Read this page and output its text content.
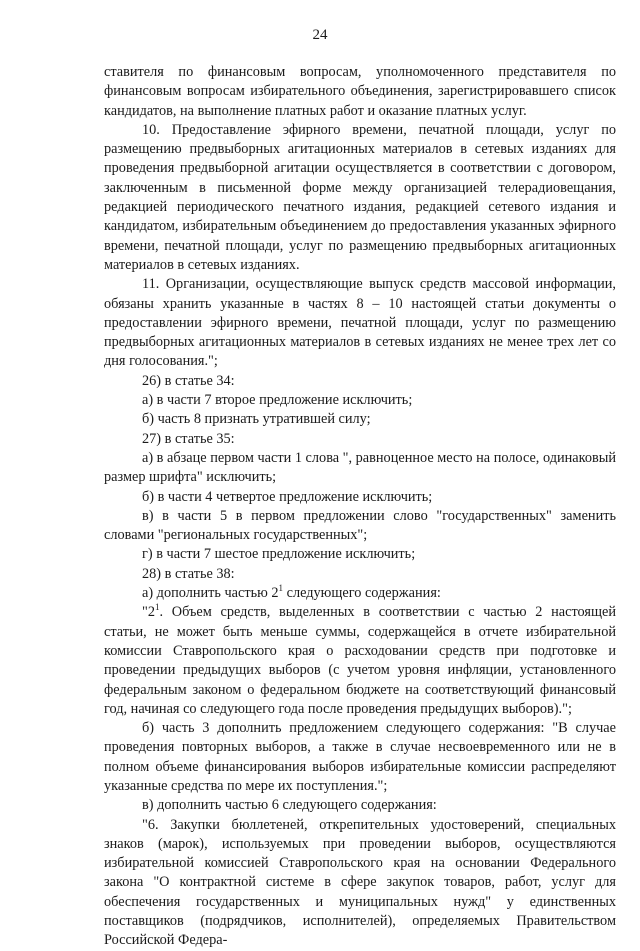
24

ставителя по финансовым вопросам, уполномоченного представителя по финансовым вопросам избирательного объединения, зарегистрировавшего список кандидатов, на выполнение платных работ и оказание платных услуг.

10. Предоставление эфирного времени, печатной площади, услуг по размещению предвыборных агитационных материалов в сетевых изданиях для проведения предвыборной агитации осуществляется в соответствии с договором, заключенным в письменной форме между организацией телерадиовещания, редакцией периодического печатного издания, редакцией сетевого издания и кандидатом, избирательным объединением до предоставления указанных эфирного времени, печатной площади, услуг по размещению предвыборных агитационных материалов в сетевых изданиях.

11. Организации, осуществляющие выпуск средств массовой информации, обязаны хранить указанные в частях 8 – 10 настоящей статьи документы о предоставлении эфирного времени, печатной площади, услуг по размещению предвыборных агитационных материалов в сетевых изданиях не менее трех лет со дня голосования.";

26) в статье 34:

а) в части 7 второе предложение исключить;

б) часть 8 признать утратившей силу;

27) в статье 35:

а) в абзаце первом части 1 слова ", равноценное место на полосе, одинаковый размер шрифта" исключить;

б) в части 4 четвертое предложение исключить;

в) в части 5 в первом предложении слово "государственных" заменить словами "региональных государственных";

г) в части 7 шестое предложение исключить;

28) в статье 38:

а) дополнить частью $2^1$ следующего содержания:

"$2^1$. Объем средств, выделенных в соответствии с частью 2 настоящей статьи, не может быть меньше суммы, содержащейся в отчете избирательной комиссии Ставропольского края о расходовании средств при подготовке и проведении предыдущих выборов (с учетом уровня инфляции, установленного федеральным законом о федеральном бюджете на соответствующий финансовый год, начиная со следующего года после проведения предыдущих выборов).";

б) часть 3 дополнить предложением следующего содержания: "В случае проведения повторных выборов, а также в случае несвоевременного или не в полном объеме финансирования выборов избирательные комиссии распределяют указанные средства по мере их поступления.";

в) дополнить частью 6 следующего содержания:

"6. Закупки бюллетеней, открепительных удостоверений, специальных знаков (марок), используемых при проведении выборов, осуществляются избирательной комиссией Ставропольского края на основании Федерального закона "О контрактной системе в сфере закупок товаров, работ, услуг для обеспечения государственных и муниципальных нужд" у единственных поставщиков (подрядчиков, исполнителей), определяемых Правительством Российской Федера-
